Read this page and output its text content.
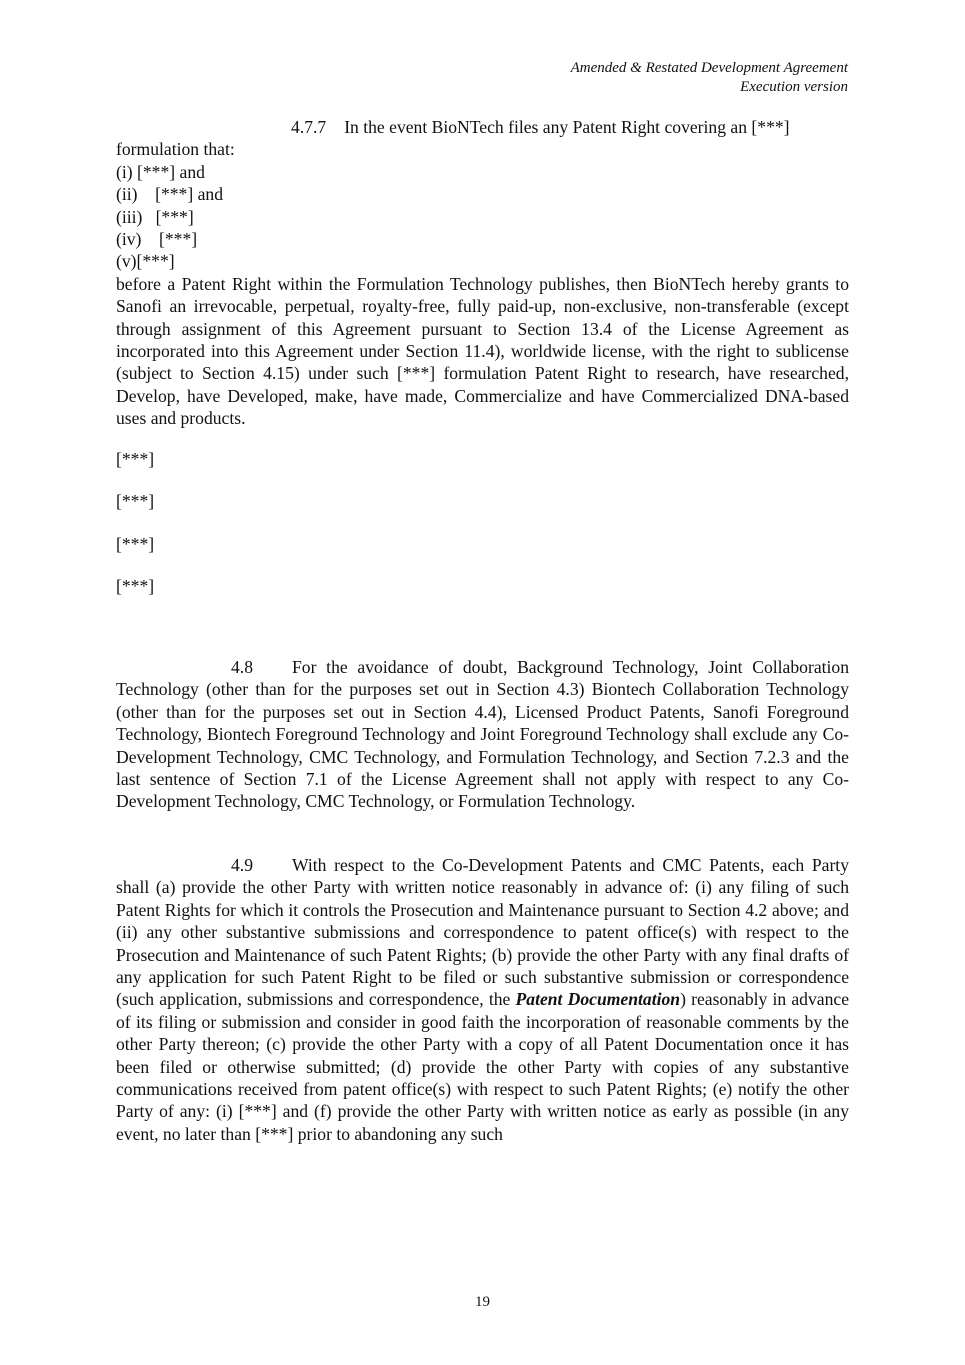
Amended & Restated Development Agreement
Execution version

4.7.7 In the event BioNTech files any Patent Right covering an [***]

formulation that:

(i) [***] and

(ii)    [***] and

(iii)   [***]

(iv)    [***]

(v)[***]

before a Patent Right within the Formulation Technology publishes, then BioNTech hereby grants to Sanofi an irrevocable, perpetual, royalty-free, fully paid-up, non-exclusive, non-transferable (except through assignment of this Agreement pursuant to Section 13.4 of the License Agreement as incorporated into this Agreement under Section 11.4), worldwide license, with the right to sublicense (subject to Section 4.15) under such [***] formulation Patent Right to research, have researched, Develop, have Developed, make, have made, Commercialize and have Commercialized DNA-based uses and products.

[***]

[***]

[***]

[***]

4.8 For the avoidance of doubt, Background Technology, Joint Collaboration Technology (other than for the purposes set out in Section 4.3) Biontech Collaboration Technology (other than for the purposes set out in Section 4.4), Licensed Product Patents, Sanofi Foreground Technology, Biontech Foreground Technology and Joint Foreground Technology shall exclude any Co-Development Technology, CMC Technology, and Formulation Technology, and Section 7.2.3 and the last sentence of Section 7.1 of the License Agreement shall not apply with respect to any Co-Development Technology, CMC Technology, or Formulation Technology.

4.9 With respect to the Co-Development Patents and CMC Patents, each Party shall (a) provide the other Party with written notice reasonably in advance of: (i) any filing of such Patent Rights for which it controls the Prosecution and Maintenance pursuant to Section 4.2 above; and (ii) any other substantive submissions and correspondence to patent office(s) with respect to the Prosecution and Maintenance of such Patent Rights; (b) provide the other Party with any final drafts of any application for such Patent Right to be filed or such substantive submission or correspondence (such application, submissions and correspondence, the Patent Documentation) reasonably in advance of its filing or submission and consider in good faith the incorporation of reasonable comments by the other Party thereon; (c) provide the other Party with a copy of all Patent Documentation once it has been filed or otherwise submitted; (d) provide the other Party with copies of any substantive communications received from patent office(s) with respect to such Patent Rights; (e) notify the other Party of any: (i) [***] and (f) provide the other Party with written notice as early as possible (in any event, no later than [***] prior to abandoning any such

19
